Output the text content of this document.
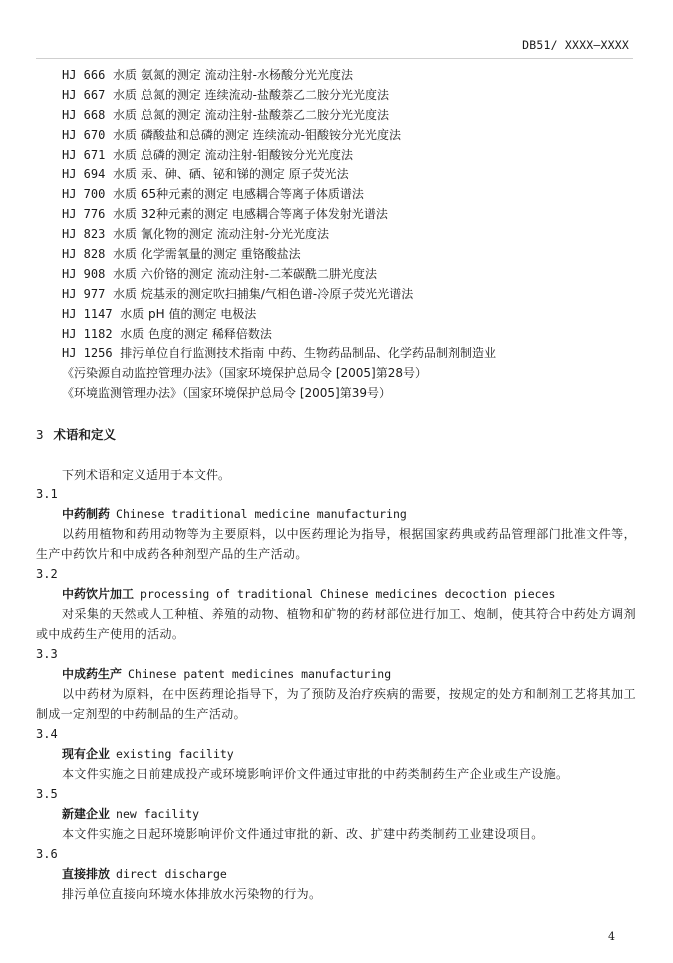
DB51/ XXXX—XXXX
HJ 666 水质 氨氮的测定 流动注射-水杨酸分光光度法
HJ 667 水质 总氮的测定 连续流动-盐酸萘乙二胺分光光度法
HJ 668 水质 总氮的测定 流动注射-盐酸萘乙二胺分光光度法
HJ 670 水质 磷酸盐和总磷的测定 连续流动-钼酸铵分光光度法
HJ 671 水质 总磷的测定 流动注射-钼酸铵分光光度法
HJ 694 水质 汞、砷、硒、铋和锑的测定 原子荧光法
HJ 700 水质 65种元素的测定 电感耦合等离子体质谱法
HJ 776 水质 32种元素的测定 电感耦合等离子体发射光谱法
HJ 823 水质 氰化物的测定 流动注射-分光光度法
HJ 828 水质 化学需氧量的测定 重铬酸盐法
HJ 908 水质 六价铬的测定 流动注射-二苯碳酰二肼光度法
HJ 977 水质 烷基汞的测定吹扫捕集/气相色谱-冷原子荧光光谱法
HJ 1147 水质 pH 值的测定 电极法
HJ 1182 水质 色度的测定 稀释倍数法
HJ 1256 排污单位自行监测技术指南 中药、生物药品制品、化学药品制剂制造业
《污染源自动监控管理办法》（国家环境保护总局令 [2005]第28号）
《环境监测管理办法》（国家环境保护总局令 [2005]第39号）
3 术语和定义
下列术语和定义适用于本文件。
3.1
中药制药 Chinese traditional medicine manufacturing
以药用植物和药用动物等为主要原料，以中医药理论为指导，根据国家药典或药品管理部门批准文件等，生产中药饮片和中成药各种剂型产品的生产活动。
3.2
中药饮片加工 processing of traditional Chinese medicines decoction pieces
对采集的天然或人工种植、养殖的动物、植物和矿物的药材部位进行加工、炮制，使其符合中药处方调剂或中成药生产使用的活动。
3.3
中成药生产 Chinese patent medicines manufacturing
以中药材为原料，在中医药理论指导下，为了预防及治疗疾病的需要，按规定的处方和制剂工艺将其加工制成一定剂型的中药制品的生产活动。
3.4
现有企业 existing facility
本文件实施之日前建成投产或环境影响评价文件通过审批的中药类制药生产企业或生产设施。
3.5
新建企业 new facility
本文件实施之日起环境影响评价文件通过审批的新、改、扩建中药类制药工业建设项目。
3.6
直接排放 direct discharge
排污单位直接向环境水体排放水污染物的行为。
4
